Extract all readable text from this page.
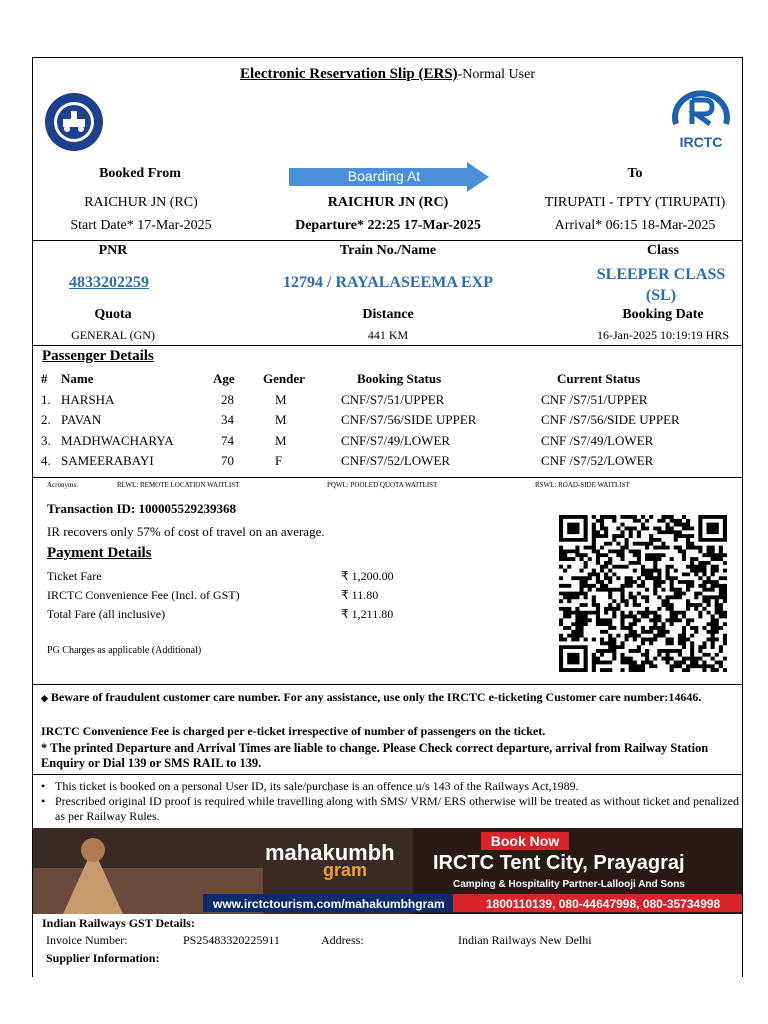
Electronic Reservation Slip (ERS)-Normal User
IRCTC
Booked From	Boarding At	To
RAICHUR JN (RC)	RAICHUR JN (RC)	TIRUPATI - TPTY (TIRUPATI)
Start Date* 17-Mar-2025	Departure* 22:25 17-Mar-2025	Arrival* 06:15 18-Mar-2025
PNR	Train No./Name	Class
4833202259	12794 / RAYALASEEMA EXP	SLEEPER CLASS
(SL)
Quota	Distance	Booking Date
GENERAL (GN)	441 KM	16-Jan-2025 10:19:19 HRS
Passenger Details
#	Name	Age	Gender	Booking Status	Current Status
1.	HARSHA	28	M	CNF/S7/51/UPPER	CNF /S7/51/UPPER
2.	PAVAN	34	M	CNF/S7/56/SIDE UPPER	CNF /S7/56/SIDE UPPER
3.	MADHWACHARYA	74	M	CNF/S7/49/LOWER	CNF /S7/49/LOWER
4.	SAMEERABAYI	70	F	CNF/S7/52/LOWER	CNF /S7/52/LOWER
Acronyms:	RLWL: REMOTE LOCATION WAITLIST	PQWL: POOLED QUOTA WAITLIST	RSWL: ROAD-SIDE WAITLIST
Transaction ID: 100005529239368
IR recovers only 57% of cost of travel on an average.
Payment Details
Ticket Fare	₹ 1,200.00
IRCTC Convenience Fee (Incl. of GST)	₹ 11.80
Total Fare (all inclusive)	₹ 1,211.80
PG Charges as applicable (Additional)
◆ Beware of fraudulent customer care number. For any assistance, use only the IRCTC e-ticketing Customer care number:14646.
IRCTC Convenience Fee is charged per e-ticket irrespective of number of passengers on the ticket.
* The printed Departure and Arrival Times are liable to change. Please Check correct departure, arrival from Railway Station Enquiry or Dial 139 or SMS RAIL to 139.
• This ticket is booked on a personal User ID, its sale/purchase is an offence u/s 143 of the Railways Act,1989.
• Prescribed original ID proof is required while travelling along with SMS/ VRM/ ERS otherwise will be treated as without ticket and penalized as per Railway Rules.
mahakumbh
gram
Book Now
IRCTC Tent City, Prayagraj
Camping & Hospitality Partner-Lallooji And Sons
www.irctctourism.com/mahakumbhgram	1800110139, 080-44647998, 080-35734998
Indian Railways GST Details:
Invoice Number:	PS25483320225911	Address:	Indian Railways New Delhi
Supplier Information:
